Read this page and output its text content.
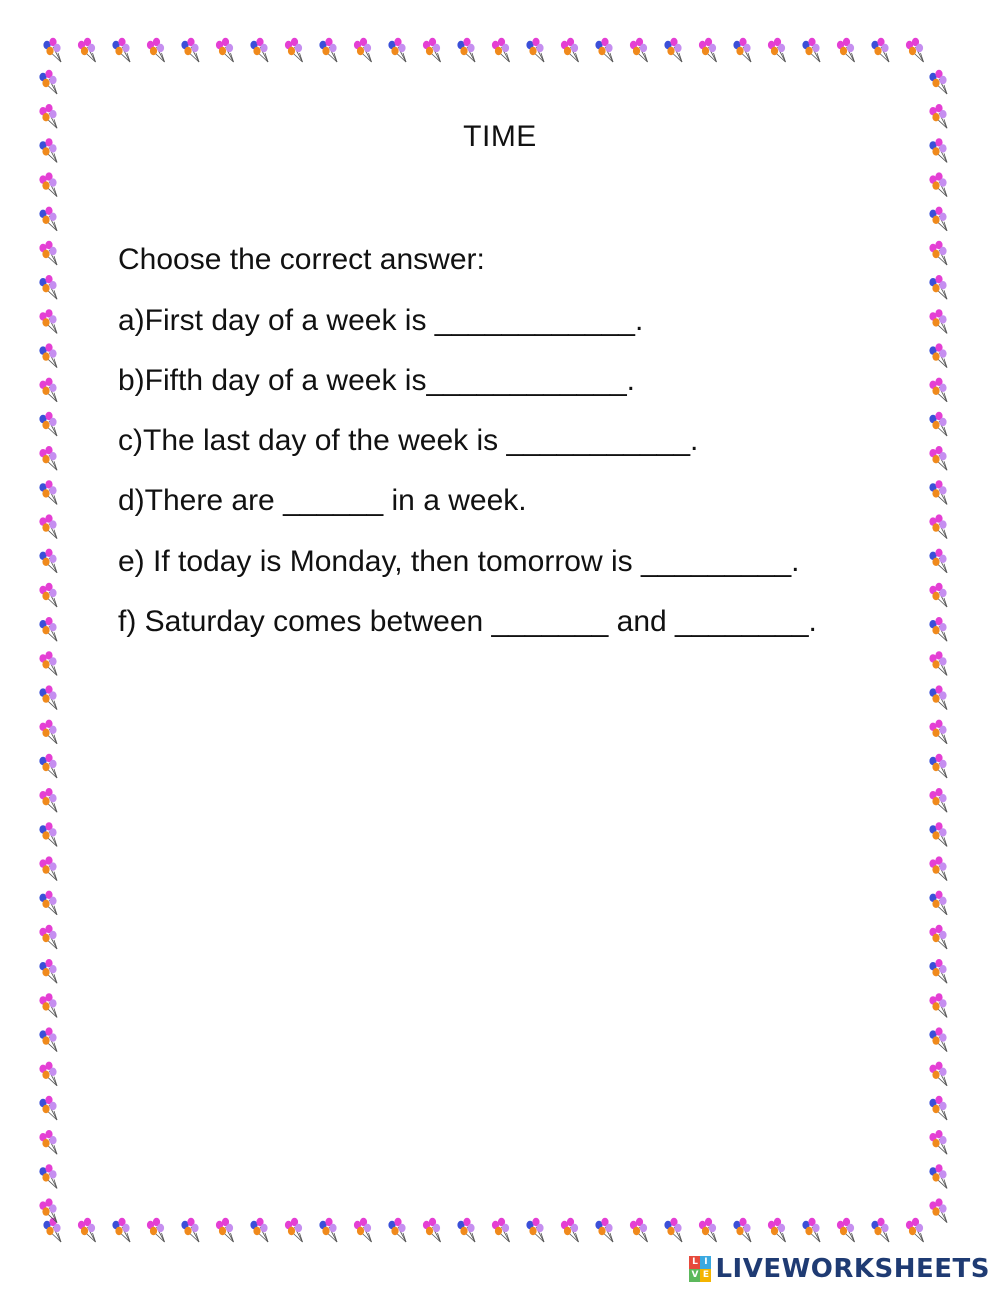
TIME
Choose the correct answer:
a)First day of a week is ____________.
b)Fifth day of a week is____________.
c)The last day of the week is ___________.
d)There are ______ in a week.
e) If today is Monday, then tomorrow is _________.
f) Saturday comes between _______ and ________.
L I
V E LIVEWORKSHEETS
